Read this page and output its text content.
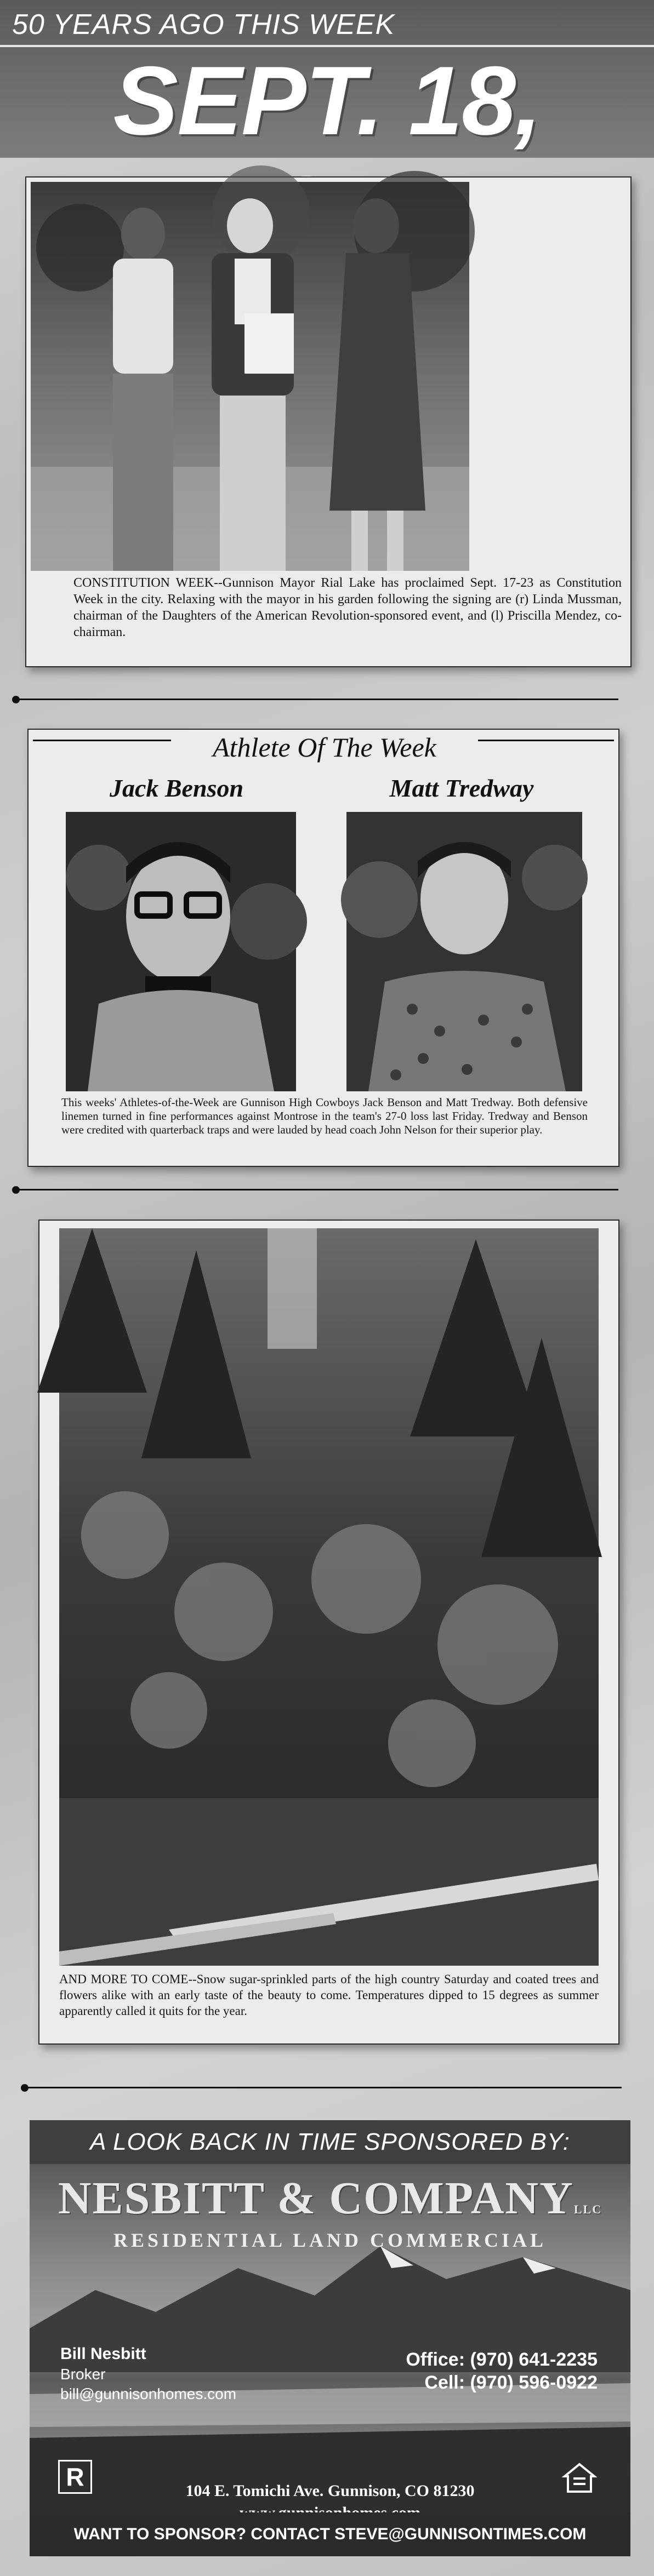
50 YEARS AGO THIS WEEK
SEPT. 18,
CONSTITUTION WEEK--Gunnison Mayor Rial Lake has proclaimed Sept. 17-23 as Constitution Week in the city. Relaxing with the mayor in his garden following the signing are (r) Linda Mussman, chairman of the Daughters of the American Revolution-sponsored event, and (l) Priscilla Mendez, co-chairman.
Athlete Of The Week
Jack Benson	Matt Tredway
This weeks' Athletes-of-the-Week are Gunnison High Cowboys Jack Benson and Matt Tredway. Both defensive linemen turned in fine performances against Montrose in the team's 27-0 loss last Friday. Tredway and Benson were credited with quarterback traps and were lauded by head coach John Nelson for their superior play.
AND MORE TO COME--Snow sugar-sprinkled parts of the high country Saturday and coated trees and flowers alike with an early taste of the beauty to come. Temperatures dipped to 15 degrees as summer apparently called it quits for the year.
A LOOK BACK IN TIME SPONSORED BY:
NESBITT & COMPANYLLC
RESIDENTIAL LAND COMMERCIAL
Bill Nesbitt
Broker
bill@gunnisonhomes.com
Office: (970) 641-2235
Cell: (970) 596-0922
R	104 E. Tomichi Ave. Gunnison, CO 81230
WANT TO SPONSOR? CONTACT STEVE@GUNNISONTIMES.COM
